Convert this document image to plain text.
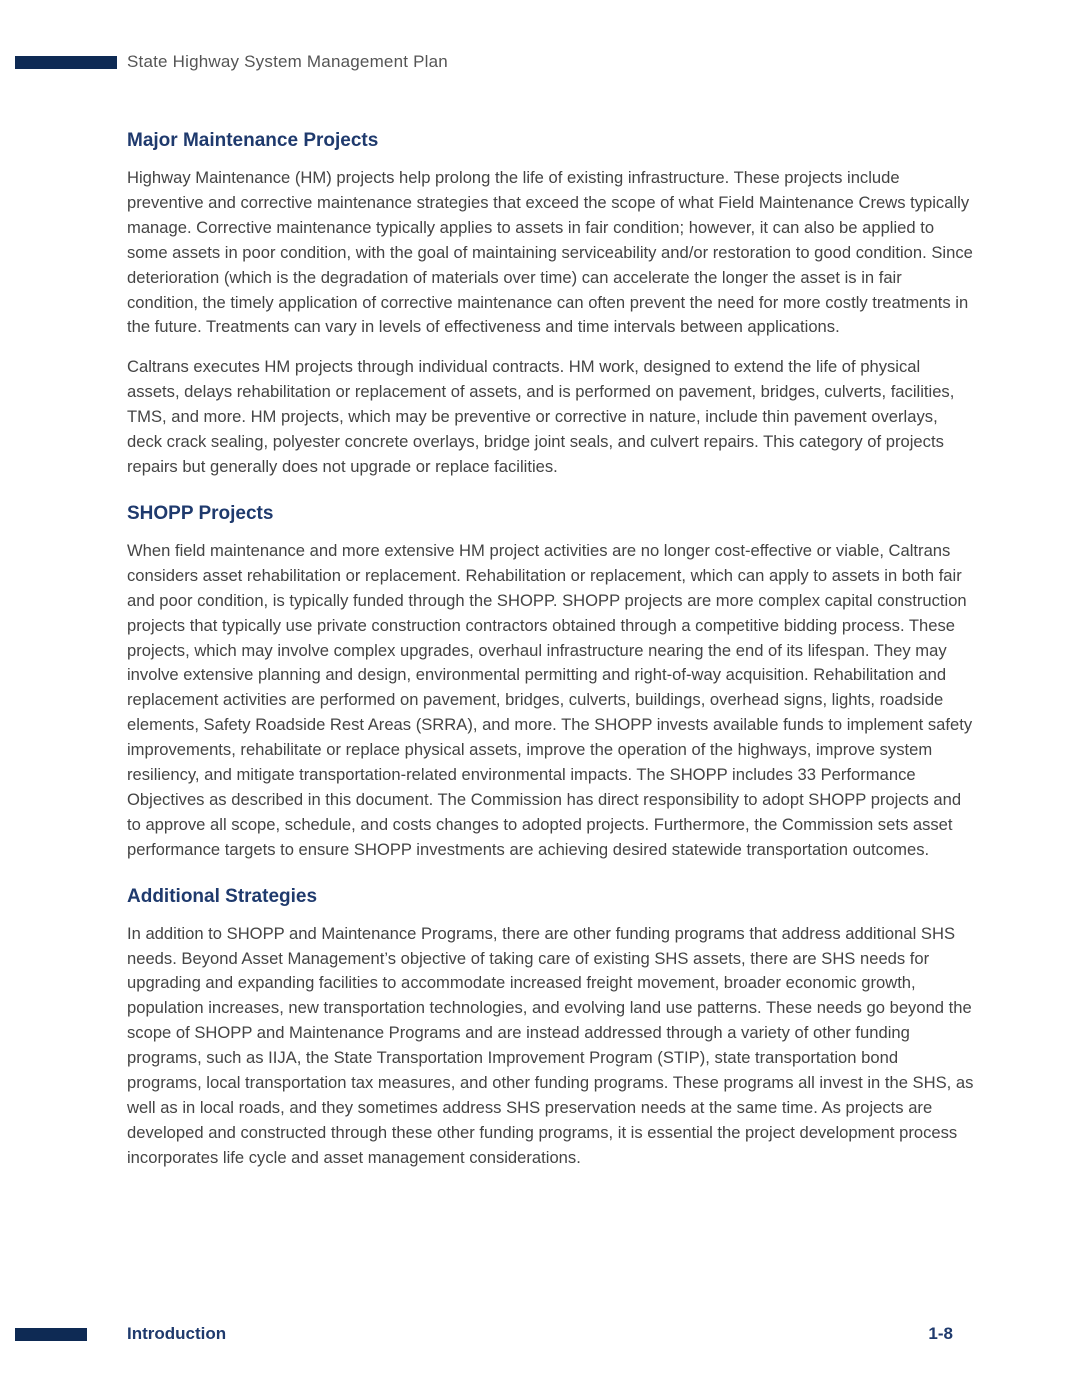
State Highway System Management Plan
Major Maintenance Projects

Highway Maintenance (HM) projects help prolong the life of existing infrastructure. These projects include preventive and corrective maintenance strategies that exceed the scope of what Field Maintenance Crews typically manage. Corrective maintenance typically applies to assets in fair condition; however, it can also be applied to some assets in poor condition, with the goal of maintaining serviceability and/or restoration to good condition. Since deterioration (which is the degradation of materials over time) can accelerate the longer the asset is in fair condition, the timely application of corrective maintenance can often prevent the need for more costly treatments in the future. Treatments can vary in levels of effectiveness and time intervals between applications.

Caltrans executes HM projects through individual contracts. HM work, designed to extend the life of physical assets, delays rehabilitation or replacement of assets, and is performed on pavement, bridges, culverts, facilities, TMS, and more. HM projects, which may be preventive or corrective in nature, include thin pavement overlays, deck crack sealing, polyester concrete overlays, bridge joint seals, and culvert repairs. This category of projects repairs but generally does not upgrade or replace facilities.

SHOPP Projects

When field maintenance and more extensive HM project activities are no longer cost-effective or viable, Caltrans considers asset rehabilitation or replacement. Rehabilitation or replacement, which can apply to assets in both fair and poor condition, is typically funded through the SHOPP. SHOPP projects are more complex capital construction projects that typically use private construction contractors obtained through a competitive bidding process. These projects, which may involve complex upgrades, overhaul infrastructure nearing the end of its lifespan. They may involve extensive planning and design, environmental permitting and right-of-way acquisition. Rehabilitation and replacement activities are performed on pavement, bridges, culverts, buildings, overhead signs, lights, roadside elements, Safety Roadside Rest Areas (SRRA), and more. The SHOPP invests available funds to implement safety improvements, rehabilitate or replace physical assets, improve the operation of the highways, improve system resiliency, and mitigate transportation-related environmental impacts. The SHOPP includes 33 Performance Objectives as described in this document. The Commission has direct responsibility to adopt SHOPP projects and to approve all scope, schedule, and costs changes to adopted projects. Furthermore, the Commission sets asset performance targets to ensure SHOPP investments are achieving desired statewide transportation outcomes.

Additional Strategies

In addition to SHOPP and Maintenance Programs, there are other funding programs that address additional SHS needs. Beyond Asset Management’s objective of taking care of existing SHS assets, there are SHS needs for upgrading and expanding facilities to accommodate increased freight movement, broader economic growth, population increases, new transportation technologies, and evolving land use patterns. These needs go beyond the scope of SHOPP and Maintenance Programs and are instead addressed through a variety of other funding programs, such as IIJA, the State Transportation Improvement Program (STIP), state transportation bond programs, local transportation tax measures, and other funding programs. These programs all invest in the SHS, as well as in local roads, and they sometimes address SHS preservation needs at the same time. As projects are developed and constructed through these other funding programs, it is essential the project development process incorporates life cycle and asset management considerations.

Introduction	1-8
